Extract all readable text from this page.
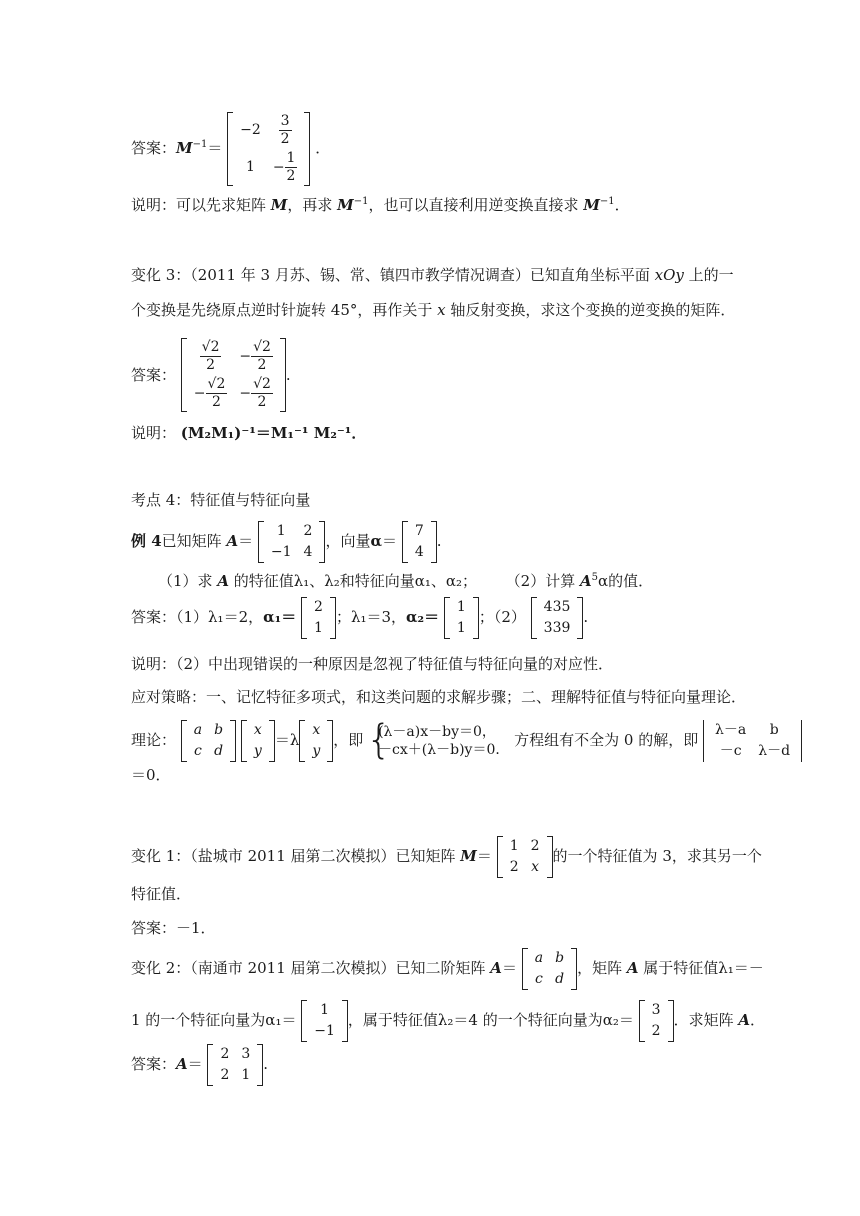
答案：$M^{-1}=$
−2	$\frac{3}{2}$

1	− $\frac{1}{2}$
．
说明：可以先求矩阵 M，再求 $M^{-1}$，也可以直接利用逆变换直接求 $M^{-1}$．
变化 3：（2011 年 3 月苏、锡、常、镇四市教学情况调查）已知直角坐标平面 xOy 上的一
个变换是先绕原点逆时针旋转 45°，再作关于 x 轴反射变换，求这个变换的逆变换的矩阵．
答案：
$\frac{√2}{2}$	− $\frac{√2}{2}$

− $\frac{√2}{2}$	− $\frac{√2}{2}$
.
说明： (M₂M₁)⁻¹＝M₁⁻¹ M₂⁻¹．
考点 4：特征值与特征向量
例 4已知矩阵 A＝
1	2
−1	4
，向量α＝
7
4
.
（1）求 A 的特征值λ₁、λ₂和特征向量α₁、α₂； （2）计算 $A^5\alpha$的值．
答案：（1）λ₁＝2，α₁＝
2
1
；λ₁＝3，α₂＝
1
1
；（2）
435
339
.
说明：（2）中出现错误的一种原因是忽视了特征值与特征向量的对应性．
应对策略：一、记忆特征多项式，和这类问题的求解步骤；二、理解特征值与特征向量理论．
理论：
a	b
c	d

x
y
＝λ
x
y
，即 { (λ－a)x－by＝0，
－cx＋(λ－b)y＝0．
方程组有不全为 0 的解，即
λ－a	b
－c	λ－d
＝0．
变化 1：（盐城市 2011 届第二次模拟）已知矩阵 M＝
1	2
2	x
的一个特征值为 3，求其另一个
特征值．
答案：－1．
变化 2：（南通市 2011 届第二次模拟）已知二阶矩阵 A＝
a	b
c	d
，矩阵 A 属于特征值λ₁＝－
1 的一个特征向量为α₁＝
1
−1
，属于特征值λ₂＝4 的一个特征向量为α₂＝
3
2
．求矩阵 A．
答案：A＝
2	3
2	1
.
